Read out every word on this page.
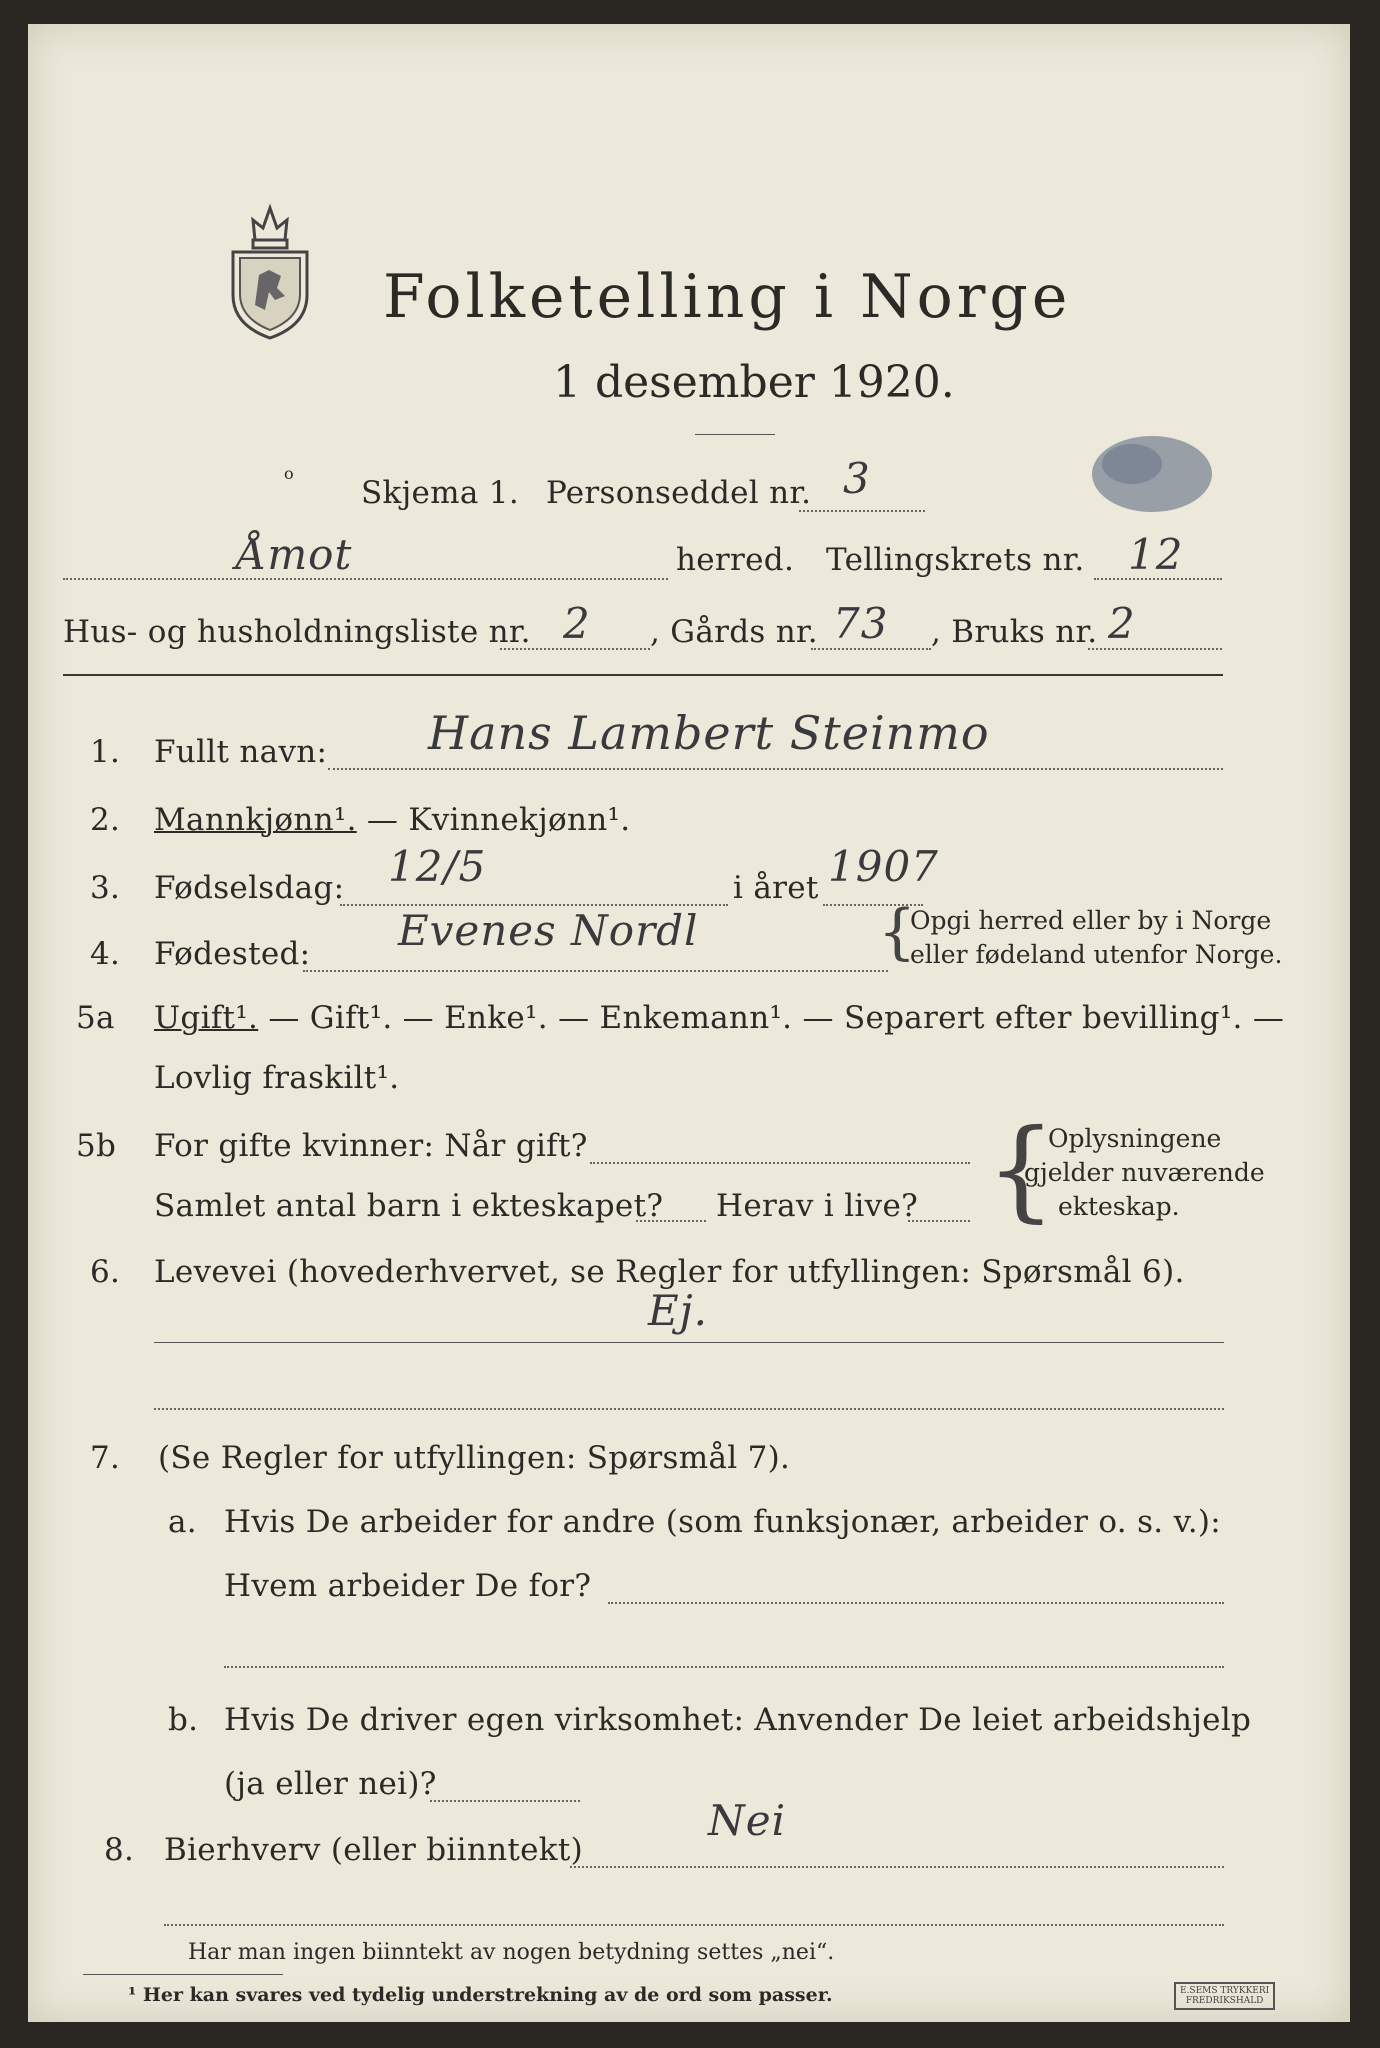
Folketelling i Norge
1 desember 1920.
o
Skjema 1. Personseddel nr. 3
Åmot	herred. Tellingskrets nr. 12
Hus- og husholdningsliste nr. 2 , Gårds nr. 73 , Bruks nr. 2
1. Fullt navn: Hans Lambert Steinmo
2. Mannkjønn¹. — Kvinnekjønn¹.
3. Fødselsdag: 12/5	i året 1907
4. Fødested: Evenes Nordl	{
Opgi herred eller by i Norge
eller fødeland utenfor Norge.
5a Ugift¹. — Gift¹. — Enke¹. — Enkemann¹. — Separert efter bevilling¹. —
Lovlig fraskilt¹.
5b For gifte kvinner: Når gift?
Samlet antal barn i ekteskapet? Herav i live? {
Oplysningene
gjelder nuværende
ekteskap.
6. Levevei (hovederhvervet, se Regler for utfyllingen: Spørsmål 6).
Ej.
7. (Se Regler for utfyllingen: Spørsmål 7).
a. Hvis De arbeider for andre (som funksjonær, arbeider o. s. v.):
Hvem arbeider De for?
b. Hvis De driver egen virksomhet: Anvender De leiet arbeidshjelp
(ja eller nei)?
8. Bierhverv (eller biinntekt)
Nei
Har man ingen biinntekt av nogen betydning settes „nei“.
¹ Her kan svares ved tydelig understrekning av de ord som passer.	E.SEMS TRYKKERI
FREDRIKSHALD
